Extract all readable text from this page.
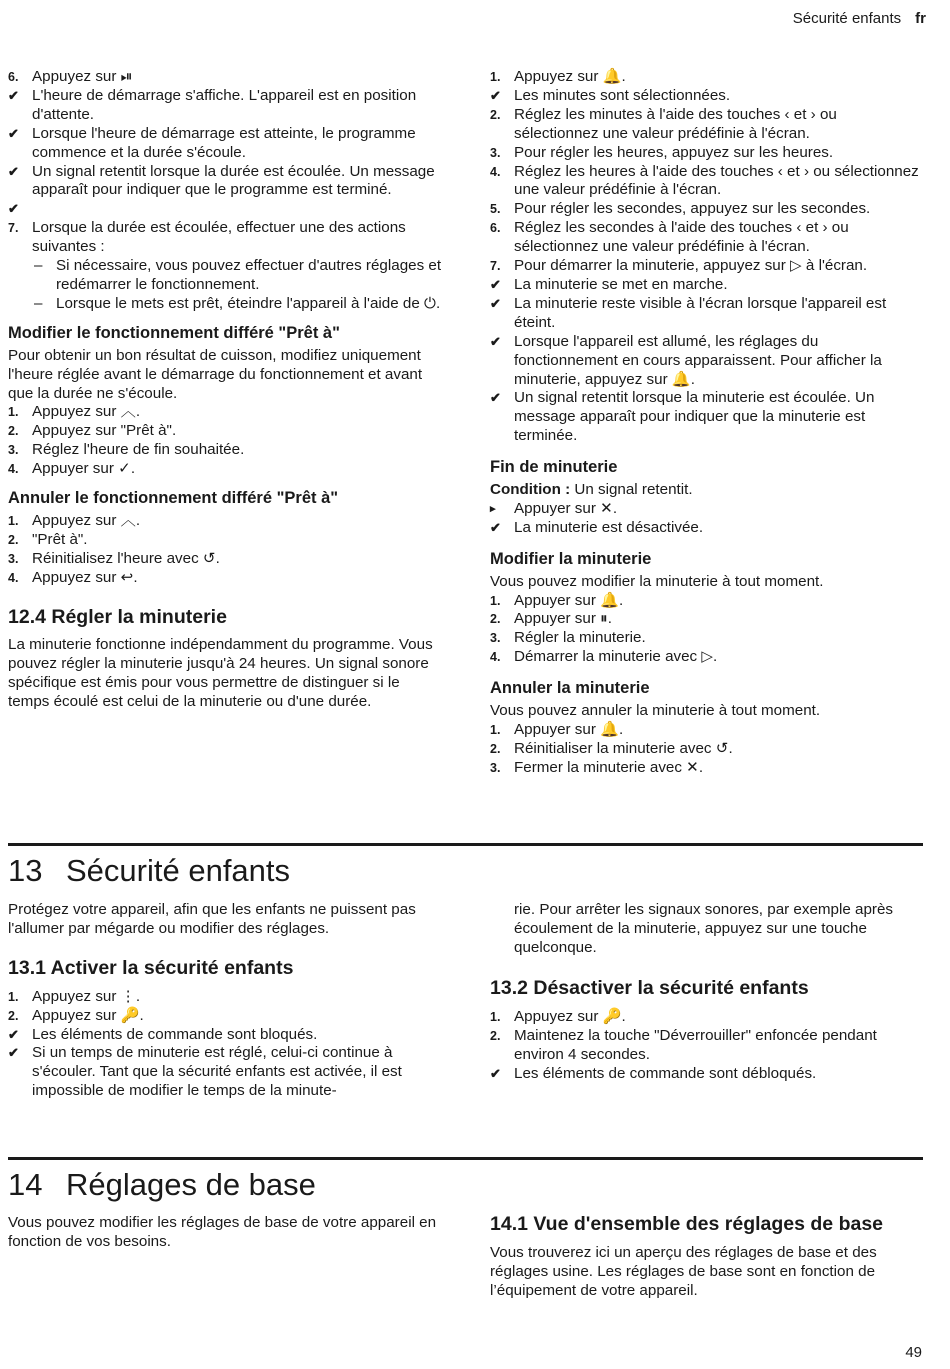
Sécurité enfants fr
6. Appuyez sur ⏯
✔ L'heure de démarrage s'affiche. L'appareil est en position d'attente.
✔ Lorsque l'heure de démarrage est atteinte, le programme commence et la durée s'écoule.
✔ Un signal retentit lorsque la durée est écoulée. Un message apparaît pour indiquer que le programme est terminé.
✔

7. Lorsque la durée est écoulée, effectuer une des actions suivantes :
– Si nécessaire, vous pouvez effectuer d'autres réglages et redémarrer le fonctionnement.
– Lorsque le mets est prêt, éteindre l'appareil à l'aide de ⏻.
Modifier le fonctionnement différé "Prêt à"

Pour obtenir un bon résultat de cuisson, modifiez uniquement l'heure réglée avant le démarrage du fonctionnement et avant que la durée ne s'écoule.

1. Appuyez sur ︿.
2. Appuyez sur "Prêt à".
3. Réglez l'heure de fin souhaitée.
4. Appuyer sur ✓.
Annuler le fonctionnement différé "Prêt à"
1. Appuyez sur ︿.
2. "Prêt à".
3. Réinitialisez l'heure avec ↺.
4. Appuyez sur ↩.
12.4 Régler la minuterie

La minuterie fonctionne indépendamment du programme. Vous pouvez régler la minuterie jusqu'à 24 heures. Un signal sonore spécifique est émis pour vous permettre de distinguer si le temps écoulé est celui de la minuterie ou d'une durée.

1. Appuyez sur 🔔.
✔ Les minutes sont sélectionnées.
2. Réglez les minutes à l'aide des touches ‹ et › ou sélectionnez une valeur prédéfinie à l'écran.
3. Pour régler les heures, appuyez sur les heures.
4. Réglez les heures à l'aide des touches ‹ et › ou sélectionnez une valeur prédéfinie à l'écran.
5. Pour régler les secondes, appuyez sur les secondes.
6. Réglez les secondes à l'aide des touches ‹ et › ou sélectionnez une valeur prédéfinie à l'écran.
7. Pour démarrer la minuterie, appuyez sur ▷ à l'écran.
✔ La minuterie se met en marche.
✔ La minuterie reste visible à l'écran lorsque l'appareil est éteint.
✔ Lorsque l'appareil est allumé, les réglages du fonctionnement en cours apparaissent. Pour afficher la minuterie, appuyez sur 🔔.
✔ Un signal retentit lorsque la minuterie est écoulée. Un message apparaît pour indiquer que la minuterie est terminée.
Fin de minuterie
Condition : Un signal retentit.
▸	Appuyer sur ✕.
✔ La minuterie est désactivée.
Modifier la minuterie

Vous pouvez modifier la minuterie à tout moment.

1. Appuyer sur 🔔.
2. Appuyer sur ⏸.
3. Régler la minuterie.
4. Démarrer la minuterie avec ▷.
Annuler la minuterie

Vous pouvez annuler la minuterie à tout moment.

1. Appuyer sur 🔔.
2. Réinitialiser la minuterie avec ↺.
3. Fermer la minuterie avec ✕.
13 Sécurité enfants

Protégez votre appareil, afin que les enfants ne puissent pas l'allumer par mégarde ou modifier des réglages.

13.1 Activer la sécurité enfants
1. Appuyez sur ⋮.
2. Appuyez sur 🔑.
✔ Les éléments de commande sont bloqués.
✔ Si un temps de minuterie est réglé, celui-ci continue à s'écouler. Tant que la sécurité enfants est activée, il est impossible de modifier le temps de la minute-

rie. Pour arrêter les signaux sonores, par exemple après écoulement de la minuterie, appuyez sur une touche quelconque.

13.2 Désactiver la sécurité enfants
1. Appuyez sur 🔑.
2. Maintenez la touche "Déverrouiller" enfoncée pendant environ 4 secondes.
✔ Les éléments de commande sont débloqués.
14 Réglages de base

Vous pouvez modifier les réglages de base de votre appareil en fonction de vos besoins.

14.1 Vue d'ensemble des réglages de base

Vous trouverez ici un aperçu des réglages de base et des réglages usine. Les réglages de base sont en fonction de l’équipement de votre appareil.

49
